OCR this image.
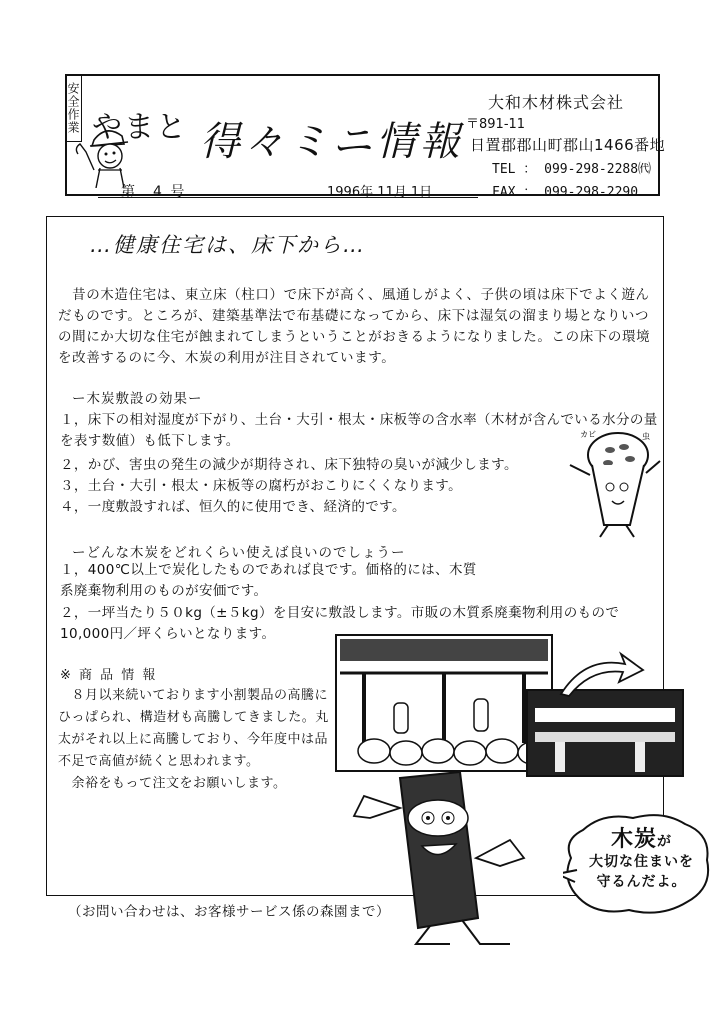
安全作業 やまと 得々ミニ情報
大和木材株式会社
〒891-11
日置郡郡山町郡山1466番地
TEL ： 099-298-2288㈹
第　4 号	1996年 11月 1日	FAX ： 099-298-2290
…健康住宅は、床下から…
　昔の木造住宅は、東立床（柱口）で床下が高く、風通しがよく、子供の頃は床下でよく遊んだものです。ところが、建築基準法で布基礎になってから、床下は湿気の溜まり場となりいつの間にか大切な住宅が蝕まれてしまうということがおきるようになりました。この床下の環境を改善するのに今、木炭の利用が注目されています。
ー木炭敷設の効果ー
１，床下の相対湿度が下がり、土台・大引・根太・床板等の含水率（木材が含んでいる水分の量を表す数値）も低下します。
２，かび、害虫の発生の減少が期待され、床下独特の臭いが減少します。
３，土台・大引・根太・床板等の腐朽がおこりにくくなります。
４，一度敷設すれば、恒久的に使用でき、経済的です。
ーどんな木炭をどれくらい使えば良いのでしょうー
１，400℃以上で炭化したものであれば良です。価格的には、木質系廃棄物利用のものが安価です。
２，一坪当たり５０kg（±５kg）を目安に敷設します。市販の木質系廃棄物利用のもので10,000円／坪くらいとなります。
※ 商 品 情 報
　８月以来続いております小割製品の高騰にひっぱられ、構造材も高騰してきました。丸太がそれ以上に高騰しており、今年度中は品不足で高値が続くと思われます。
　余裕をもって注文をお願いします。
（お問い合わせは、お客様サービス係の森園まで）
カビ	虫
木炭が
大切な住まいを
守るんだよ。
